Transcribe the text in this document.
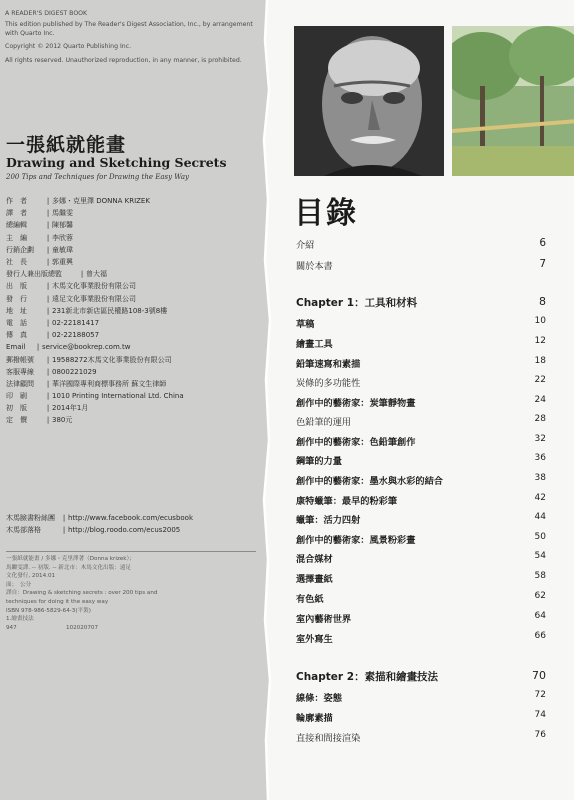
A READER'S DIGEST BOOK
This edition published by The Reader's Digest Association, Inc., by arrangement with Quarto Inc.
Copyright © 2012 Quarto Publishing Inc.
All rights reserved. Unauthorized reproduction, in any manner, is prohibited.
一張紙就能畫
Drawing and Sketching Secrets
200 Tips and Techniques for Drawing the Easy Way
作　者	| 多娜・克里澤 DONNA KRIZEK
譯　者	| 馬繼雯
總編輯	| 陳郁馨
主　編	| 李欣蓉
行銷企劃	| 童敏瑋
社　長	| 郭重興
發行人兼出版總監	| 曾大福
出　版	| 木馬文化事業股份有限公司
發　行	| 遠足文化事業股份有限公司
地　址	| 231新北市新店區民權路108-3號8樓
電　話	| 02-22181417
傳　真	| 02-22188057
Email	| service@bookrep.com.tw
郵撥帳號	| 19588272木馬文化事業股份有限公司
客服專線	| 0800221029
法律顧問	| 華洋國際專利商標事務所 蘇文生律師
印　刷	| 1010 Printing International Ltd. China
初　版	| 2014年1月
定　價	| 380元
木馬臉書粉絲團	| http://www.facebook.com/ecusbook
木馬部落格	| http://blog.roodo.com/ecus2005
一張紙就能畫 / 多娜・克里澤著（Donna krizek）；
馬繼雯譯. -- 初版. -- 新北市：木馬文化出版：遠足
文化發行, 2014.01
面；　公分
譯自：Drawing & sketching secrets : over 200 tips and
techniques for doing it the easy way
ISBN 978-986-5829-64-3(平裝)
1.繪畫技法
947	102020707
目錄
介紹	6
關於本書	7
Chapter 1：工具和材料	8
草稿	10
繪畫工具	12
鉛筆速寫和素描	18
炭條的多功能性	22
創作中的藝術家：炭筆靜物畫	24
色鉛筆的運用	28
創作中的藝術家：色鉛筆創作	32
鋼筆的力量	36
創作中的藝術家：墨水與水彩的結合	38
康特蠟筆：最早的粉彩筆	42
蠟筆：活力四射	44
創作中的藝術家：風景粉彩畫	50
混合媒材	54
選擇畫紙	58
有色紙	62
室內藝術世界	64
室外寫生	66
Chapter 2：素描和繪畫技法	70
線條：姿態	72
輪廓素描	74
直接和間接渲染	76
